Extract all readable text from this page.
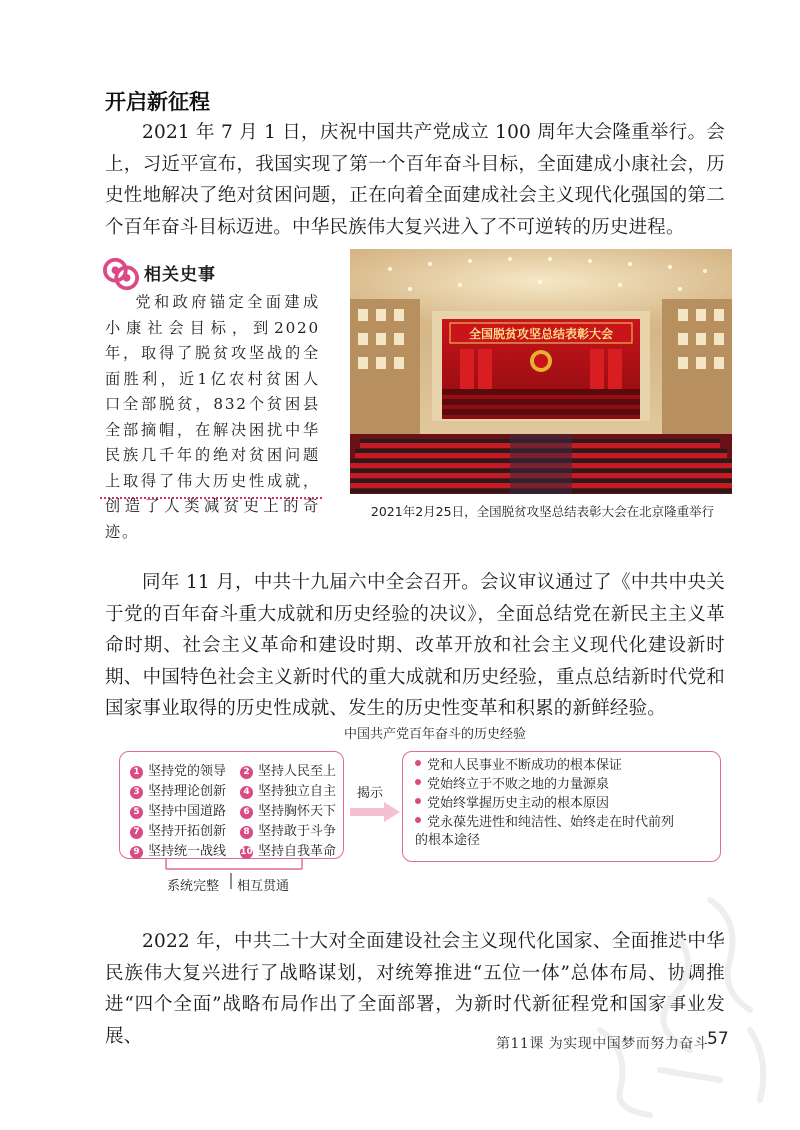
开启新征程

2021 年 7 月 1 日，庆祝中国共产党成立 100 周年大会隆重举行。会上，习近平宣布，我国实现了第一个百年奋斗目标，全面建成小康社会，历史性地解决了绝对贫困问题，正在向着全面建成社会主义现代化强国的第二个百年奋斗目标迈进。中华民族伟大复兴进入了不可逆转的历史进程。

相关史事

党和政府锚定全面建成小康社会目标，到2020年，取得了脱贫攻坚战的全面胜利，近1亿农村贫困人口全部脱贫，832个贫困县全部摘帽，在解决困扰中华民族几千年的绝对贫困问题上取得了伟大历史性成就，创造了人类减贫史上的奇迹。

全国脱贫攻坚总结表彰大会
2021年2月25日，全国脱贫攻坚总结表彰大会在北京隆重举行

同年 11 月，中共十九届六中全会召开。会议审议通过了《中共中央关于党的百年奋斗重大成就和历史经验的决议》，全面总结党在新民主主义革命时期、社会主义革命和建设时期、改革开放和社会主义现代化建设新时期、中国特色社会主义新时代的重大成就和历史经验，重点总结新时代党和国家事业取得的历史性成就、发生的历史性变革和积累的新鲜经验。

中国共产党百年奋斗的历史经验
1 坚持党的领导	2 坚持人民至上
3 坚持理论创新	4 坚持独立自主
5 坚持中国道路	6 坚持胸怀天下
7 坚持开拓创新	8 坚持敢于斗争
9 坚持统一战线 10 坚持自我革命
揭示
党和人民事业不断成功的根本保证
党始终立于不败之地的力量源泉
党始终掌握历史主动的根本原因
党永葆先进性和纯洁性、始终走在时代前列的根本途径
系统完整 相互贯通

2022 年，中共二十大对全面建设社会主义现代化国家、全面推进中华民族伟大复兴进行了战略谋划，对统筹推进“五位一体”总体布局、协调推进“四个全面”战略布局作出了全面部署，为新时代新征程党和国家事业发展、	第11课 为实现中国梦而努力奋斗
57
